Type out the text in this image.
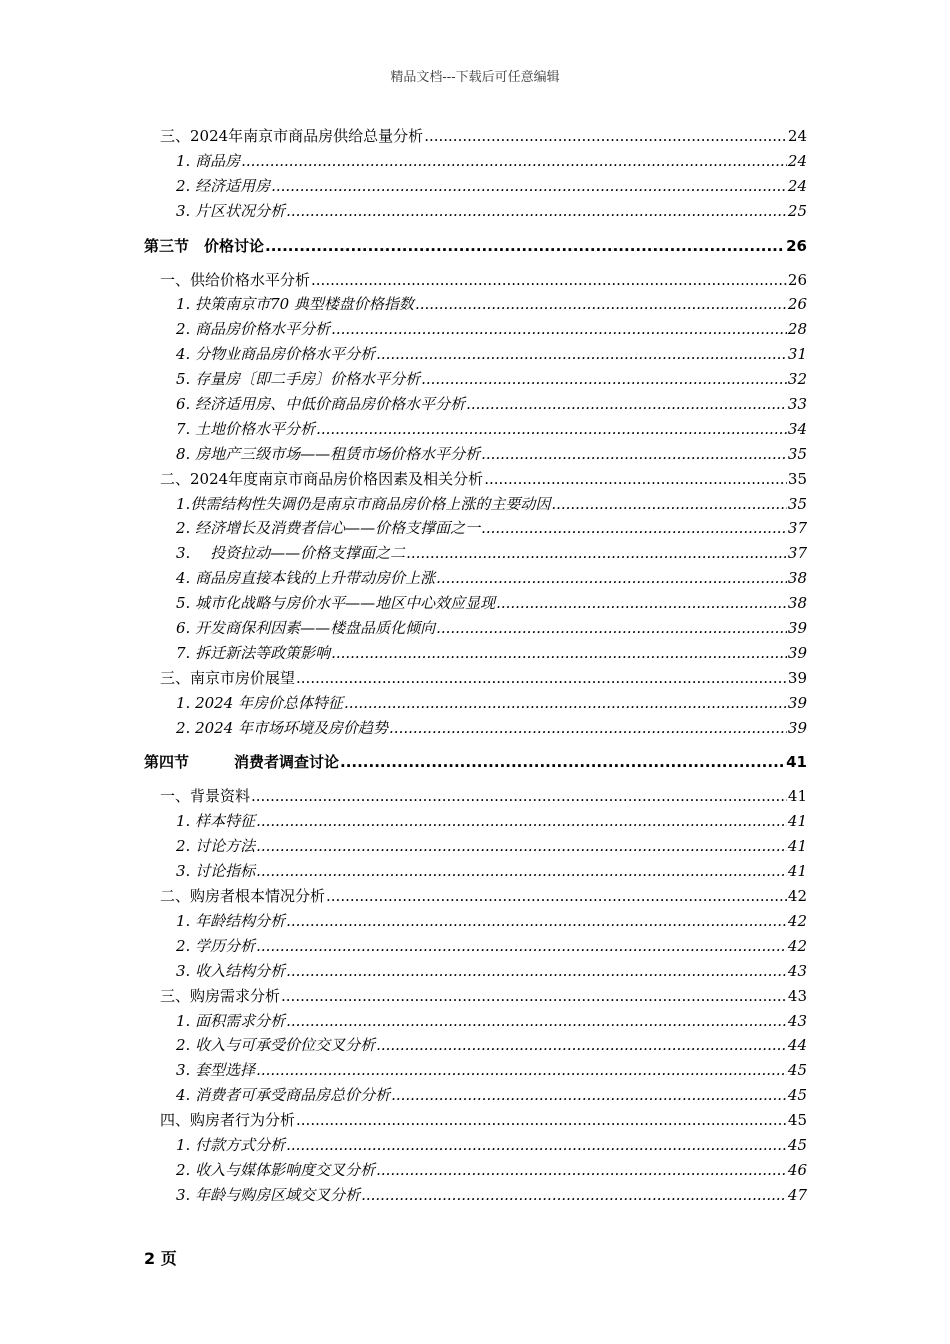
精品文档---下载后可任意编辑
三、2024年南京市商品房供给总量分析 .....	24
1. 商品房 .....	24
2. 经济适用房 .....	24
3. 片区状况分析 .....	25
第三节　价格讨论 .....	26
一、供给价格水平分析 .....	26
1. 抉策南京市70 典型楼盘价格指数 .....	26
2. 商品房价格水平分析 .....	28
4. 分物业商品房价格水平分析 .....	31
5. 存量房〔即二手房〕价格水平分析 .....	32
6. 经济适用房、中低价商品房价格水平分析 .....	33
7. 土地价格水平分析 .....	34
8. 房地产三级市场——租赁市场价格水平分析 .....	35
二、2024年度南京市商品房价格因素及相关分析 .....	35
1.供需结构性失调仍是南京市商品房价格上涨的主要动因 .....	35
2. 经济增长及消费者信心——价格支撑面之一 .....	37
3.　 投资拉动——价格支撑面之二 .....	37
4. 商品房直接本钱的上升带动房价上涨 .....	38
5. 城市化战略与房价水平——地区中心效应显现 .....	38
6. 开发商保利因素——楼盘品质化倾向 .....	39
7. 拆迁新法等政策影响 .....	39
三、南京市房价展望 .....	39
1. 2024 年房价总体特征 .....	39
2. 2024 年市场环境及房价趋势 .....	39
第四节　　　消费者调查讨论 .....	41
一、背景资料 .....	41
1. 样本特征 .....	41
2. 讨论方法 .....	41
3. 讨论指标 .....	41
二、购房者根本情况分析 .....	42
1. 年龄结构分析 .....	42
2. 学历分析 .....	42
3. 收入结构分析 .....	43
三、购房需求分析 .....	43
1. 面积需求分析 .....	43
2. 收入与可承受价位交叉分析 .....	44
3. 套型选择 .....	45
4. 消费者可承受商品房总价分析 .....	45
四、购房者行为分析 .....	45
1. 付款方式分析 .....	45
2. 收入与媒体影响度交叉分析 .....	46
3. 年龄与购房区域交叉分析 .....	47
2 页
